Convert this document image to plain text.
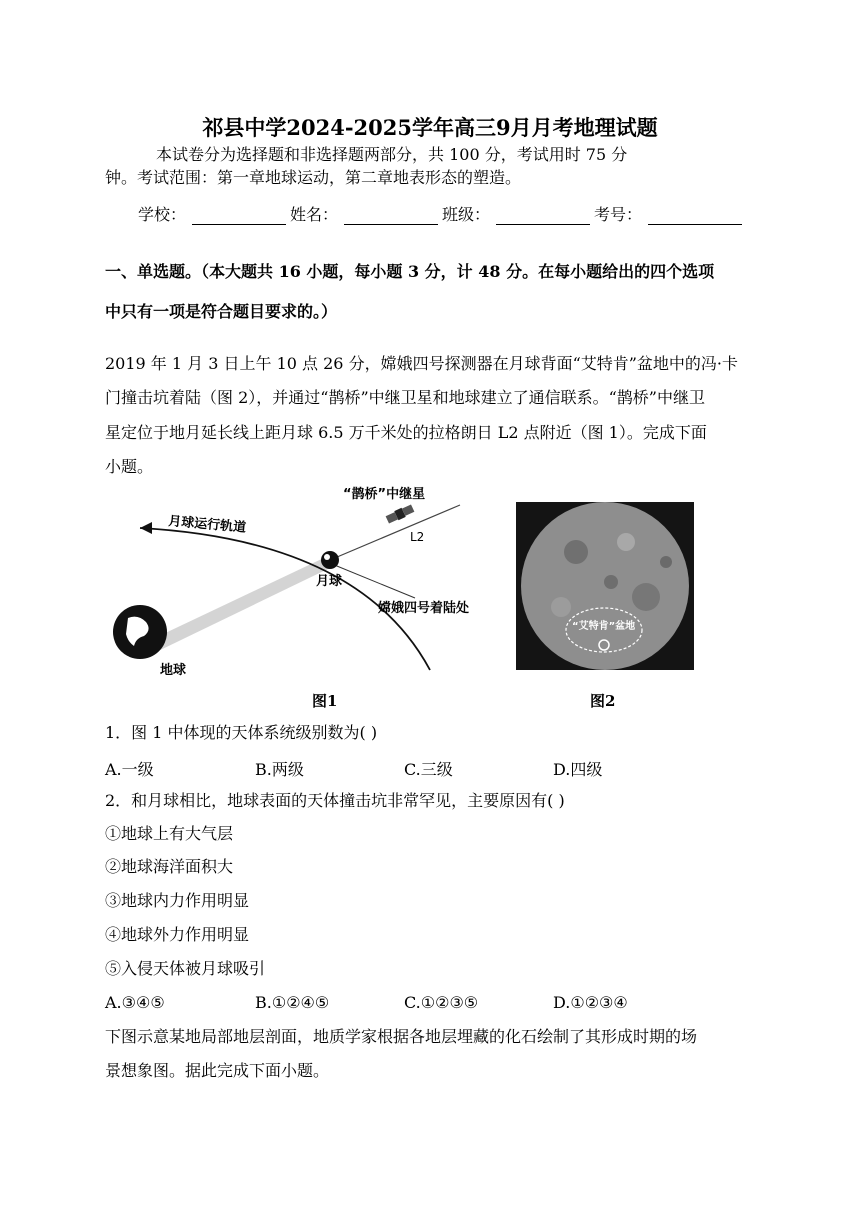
祁县中学2024-2025学年高三9月月考地理试题
本试卷分为选择题和非选择题两部分，共 100 分，考试用时 75 分
钟。考试范围：第一章地球运动，第二章地表形态的塑造。
学校：	姓名：	班级：	考号：
一、单选题。（本大题共 16 小题，每小题 3 分，计 48 分。在每小题给出的四个选项
中只有一项是符合题目要求的。）
2019 年 1 月 3 日上午 10 点 26 分，嫦娥四号探测器在月球背面“艾特肯”盆地中的冯·卡
门撞击坑着陆（图 2），并通过“鹊桥”中继卫星和地球建立了通信联系。“鹊桥”中继卫
星定位于地月延长线上距月球 6.5 万千米处的拉格朗日 L2 点附近（图 1）。完成下面
小题。
月球运行轨道
“鹊桥”中继星
L2
月球
嫦娥四号着陆处
地球
“艾特肯”盆地
图1	图2
1．图 1 中体现的天体系统级别数为( )
A.一级	B.两级	C.三级	D.四级
2．和月球相比，地球表面的天体撞击坑非常罕见，主要原因有( )
①地球上有大气层
②地球海洋面积大
③地球内力作用明显
④地球外力作用明显
⑤入侵天体被月球吸引
A.③④⑤	B.①②④⑤	C.①②③⑤	D.①②③④
下图示意某地局部地层剖面，地质学家根据各地层埋藏的化石绘制了其形成时期的场
景想象图。据此完成下面小题。
